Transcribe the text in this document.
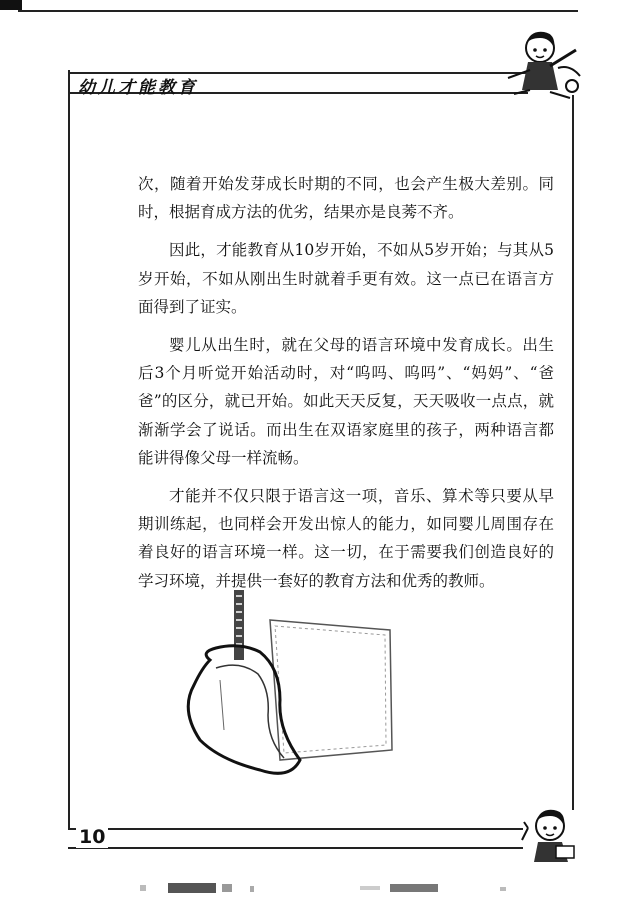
幼儿才能教育

次，随着开始发芽成长时期的不同，也会产生极大差别。同时，根据育成方法的优劣，结果亦是良莠不齐。

因此，才能教育从10岁开始，不如从5岁开始；与其从5岁开始，不如从刚出生时就着手更有效。这一点已在语言方面得到了证实。

婴儿从出生时，就在父母的语言环境中发育成长。出生后3个月听觉开始活动时，对“呜吗、呜吗”、“妈妈”、“爸爸”的区分，就已开始。如此天天反复，天天吸收一点点，就渐渐学会了说话。而出生在双语家庭里的孩子，两种语言都能讲得像父母一样流畅。

才能并不仅只限于语言这一项，音乐、算术等只要从早期训练起，也同样会开发出惊人的能力，如同婴儿周围存在着良好的语言环境一样。这一切，在于需要我们创造良好的学习环境，并提供一套好的教育方法和优秀的教师。

10
